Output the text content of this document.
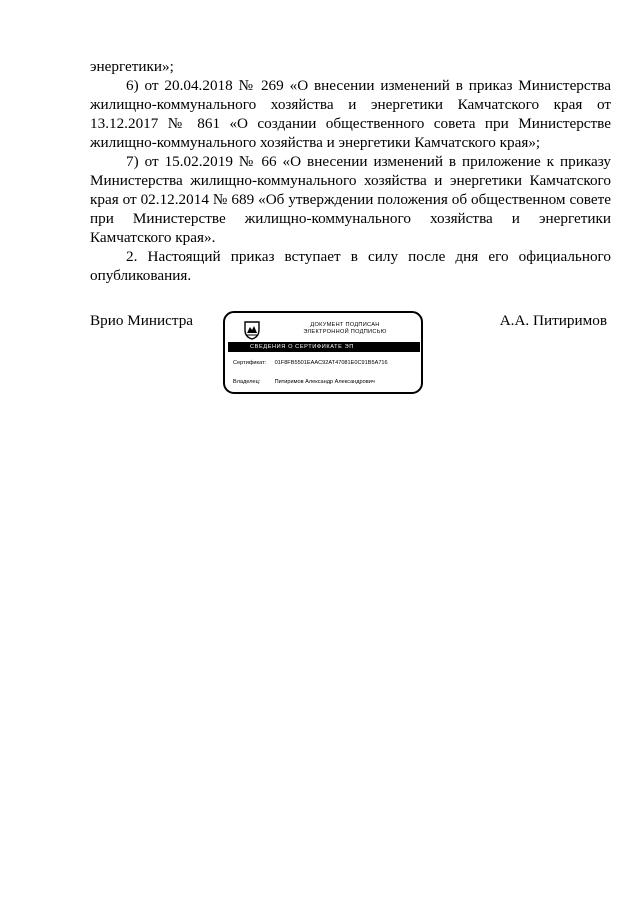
энергетики»;

6) от 20.04.2018 № 269 «О внесении изменений в приказ Министерства жилищно-коммунального хозяйства и энергетики Камчатского края от 13.12.2017 № 861 «О создании общественного совета при Министерстве жилищно-коммунального хозяйства и энергетики Камчатского края»;

7) от 15.02.2019 № 66 «О внесении изменений в приложение к приказу Министерства жилищно-коммунального хозяйства и энергетики Камчатского края от 02.12.2014 № 689 «Об утверждении положения об общественном совете при Министерстве жилищно-коммунального хозяйства и энергетики Камчатского края».

2. Настоящий приказ вступает в силу после дня его официального опубликования.

Врио Министра	ДОКУМЕНТ ПОДПИСАН
ЭЛЕКТРОННОЙ ПОДПИСЬЮ
СВЕДЕНИЯ О СЕРТИФИКАТЕ ЭП
Сертификат: 01F8FB5501EAAC92AT47081E0C91B5A716
Владелец:	Питиримов Александр Александрович
А.А. Питиримов
